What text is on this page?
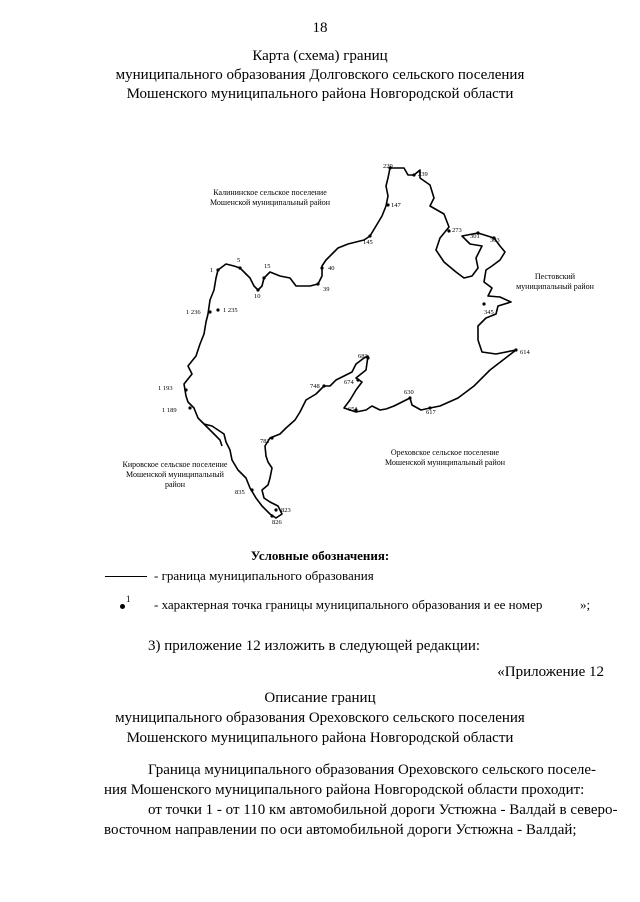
18
Карта (схема) границ
муниципального образования Долговского сельского поселения
Мошенского муниципального района Новгородской области
229
239
147
145
273
301
303
1
5
15	40
10
39
1 236	1 235	345
614
683
748
674
630
1 193
651	617
1 189
781
835
823
826
Калининское сельское поселение
Мошенской муниципальный район
Пестовский
муниципальный район
Ореховское сельское поселение
Мошенской муниципальный район
Кировское сельское поселение
Мошенской муниципальный
район
Условные обозначения:
- граница муниципального образования
1 - характерная точка границы муниципального образования и ее номер	»;
3) приложение 12 изложить в следующей редакции:
«Приложение 12
Описание границ
муниципального образования Ореховского сельского поселения
Мошенского муниципального района Новгородской области
Граница муниципального образования Ореховского сельского поселе-
ния Мошенского муниципального района Новгородской области проходит:
от точки 1 - от 110 км автомобильной дороги Устюжна - Валдай в северо-
восточном направлении по оси автомобильной дороги Устюжна - Валдай;
